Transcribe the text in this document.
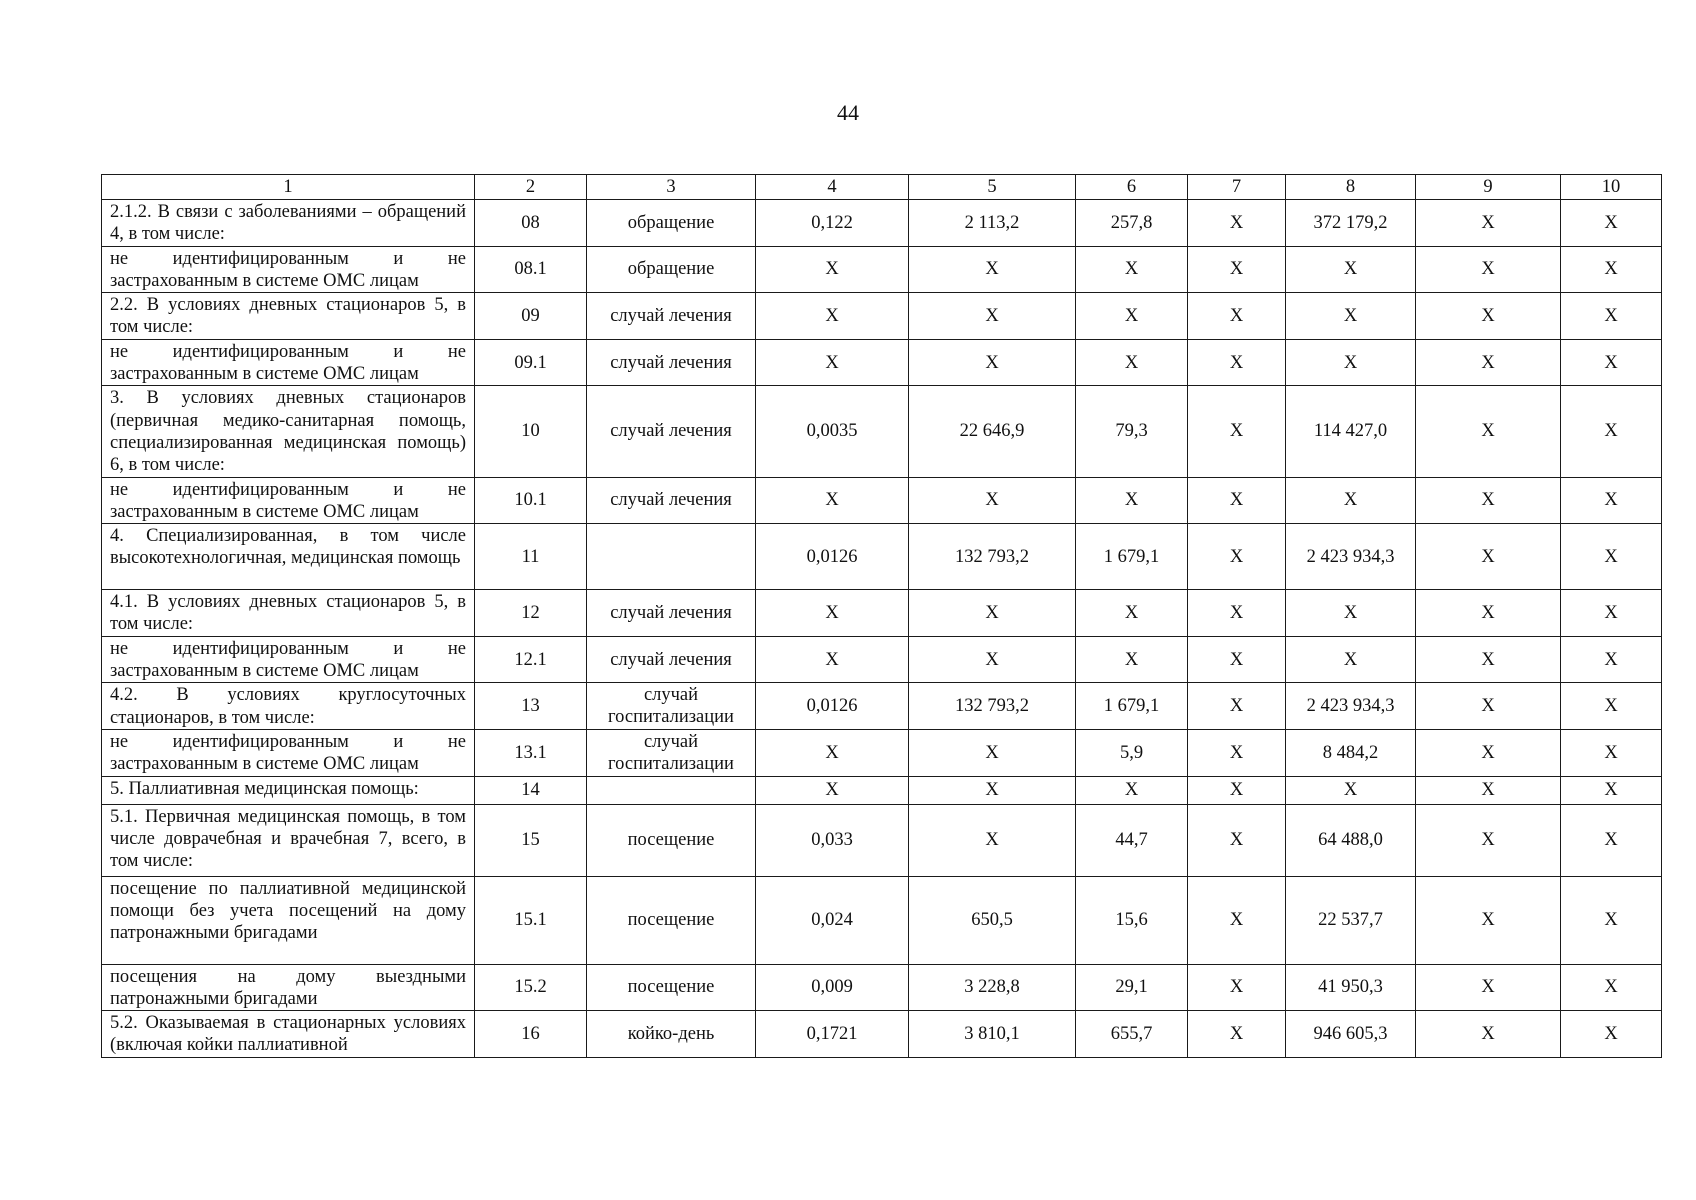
44
1	2	3	4	5	6	7	8	9	10
2.1.2. В связи с заболеваниями – обращений 4, в том числе:	08	обращение	0,122	2 113,2	257,8	X	372 179,2	X	X
не идентифицированным и не застрахованным в системе ОМС лицам	08.1	обращение	X	X	X	X	X	X	X
2.2. В условиях дневных стационаров 5, в том числе:	09	случай лечения	X	X	X	X	X	X	X
не идентифицированным и не застрахованным в системе ОМС лицам	09.1	случай лечения	X	X	X	X	X	X	X
3. В условиях дневных стационаров (первичная медико-санитарная помощь, специализированная медицинская помощь) 6, в том числе:	10	случай лечения	0,0035	22 646,9	79,3	X	114 427,0	X	X
не идентифицированным и не застрахованным в системе ОМС лицам	10.1	случай лечения	X	X	X	X	X	X	X
4. Специализированная, в том числе высокотехнологичная, медицинская помощь	11		0,0126	132 793,2	1 679,1	X	2 423 934,3	X	X
4.1. В условиях дневных стационаров 5, в том числе:	12	случай лечения	X	X	X	X	X	X	X
не идентифицированным и не застрахованным в системе ОМС лицам	12.1	случай лечения	X	X	X	X	X	X	X
4.2. В условиях круглосуточных стационаров, в том числе:	13	случай госпитализации	0,0126	132 793,2	1 679,1	X	2 423 934,3	X	X
не идентифицированным и не застрахованным в системе ОМС лицам	13.1	случай госпитализации	X	X	5,9	X	8 484,2	X	X
5. Паллиативная медицинская помощь:	14		X	X	X	X	X	X	X
5.1. Первичная медицинская помощь, в том числе доврачебная и врачебная 7, всего, в том числе:	15	посещение	0,033	X	44,7	X	64 488,0	X	X
посещение по паллиативной медицинской помощи без учета посещений на дому патронажными бригадами	15.1	посещение	0,024	650,5	15,6	X	22 537,7	X	X
посещения на дому выездными патронажными бригадами	15.2	посещение	0,009	3 228,8	29,1	X	41 950,3	X	X
5.2. Оказываемая в стационарных условиях (включая койки паллиативной	16	койко-день	0,1721	3 810,1	655,7	X	946 605,3	X	X
